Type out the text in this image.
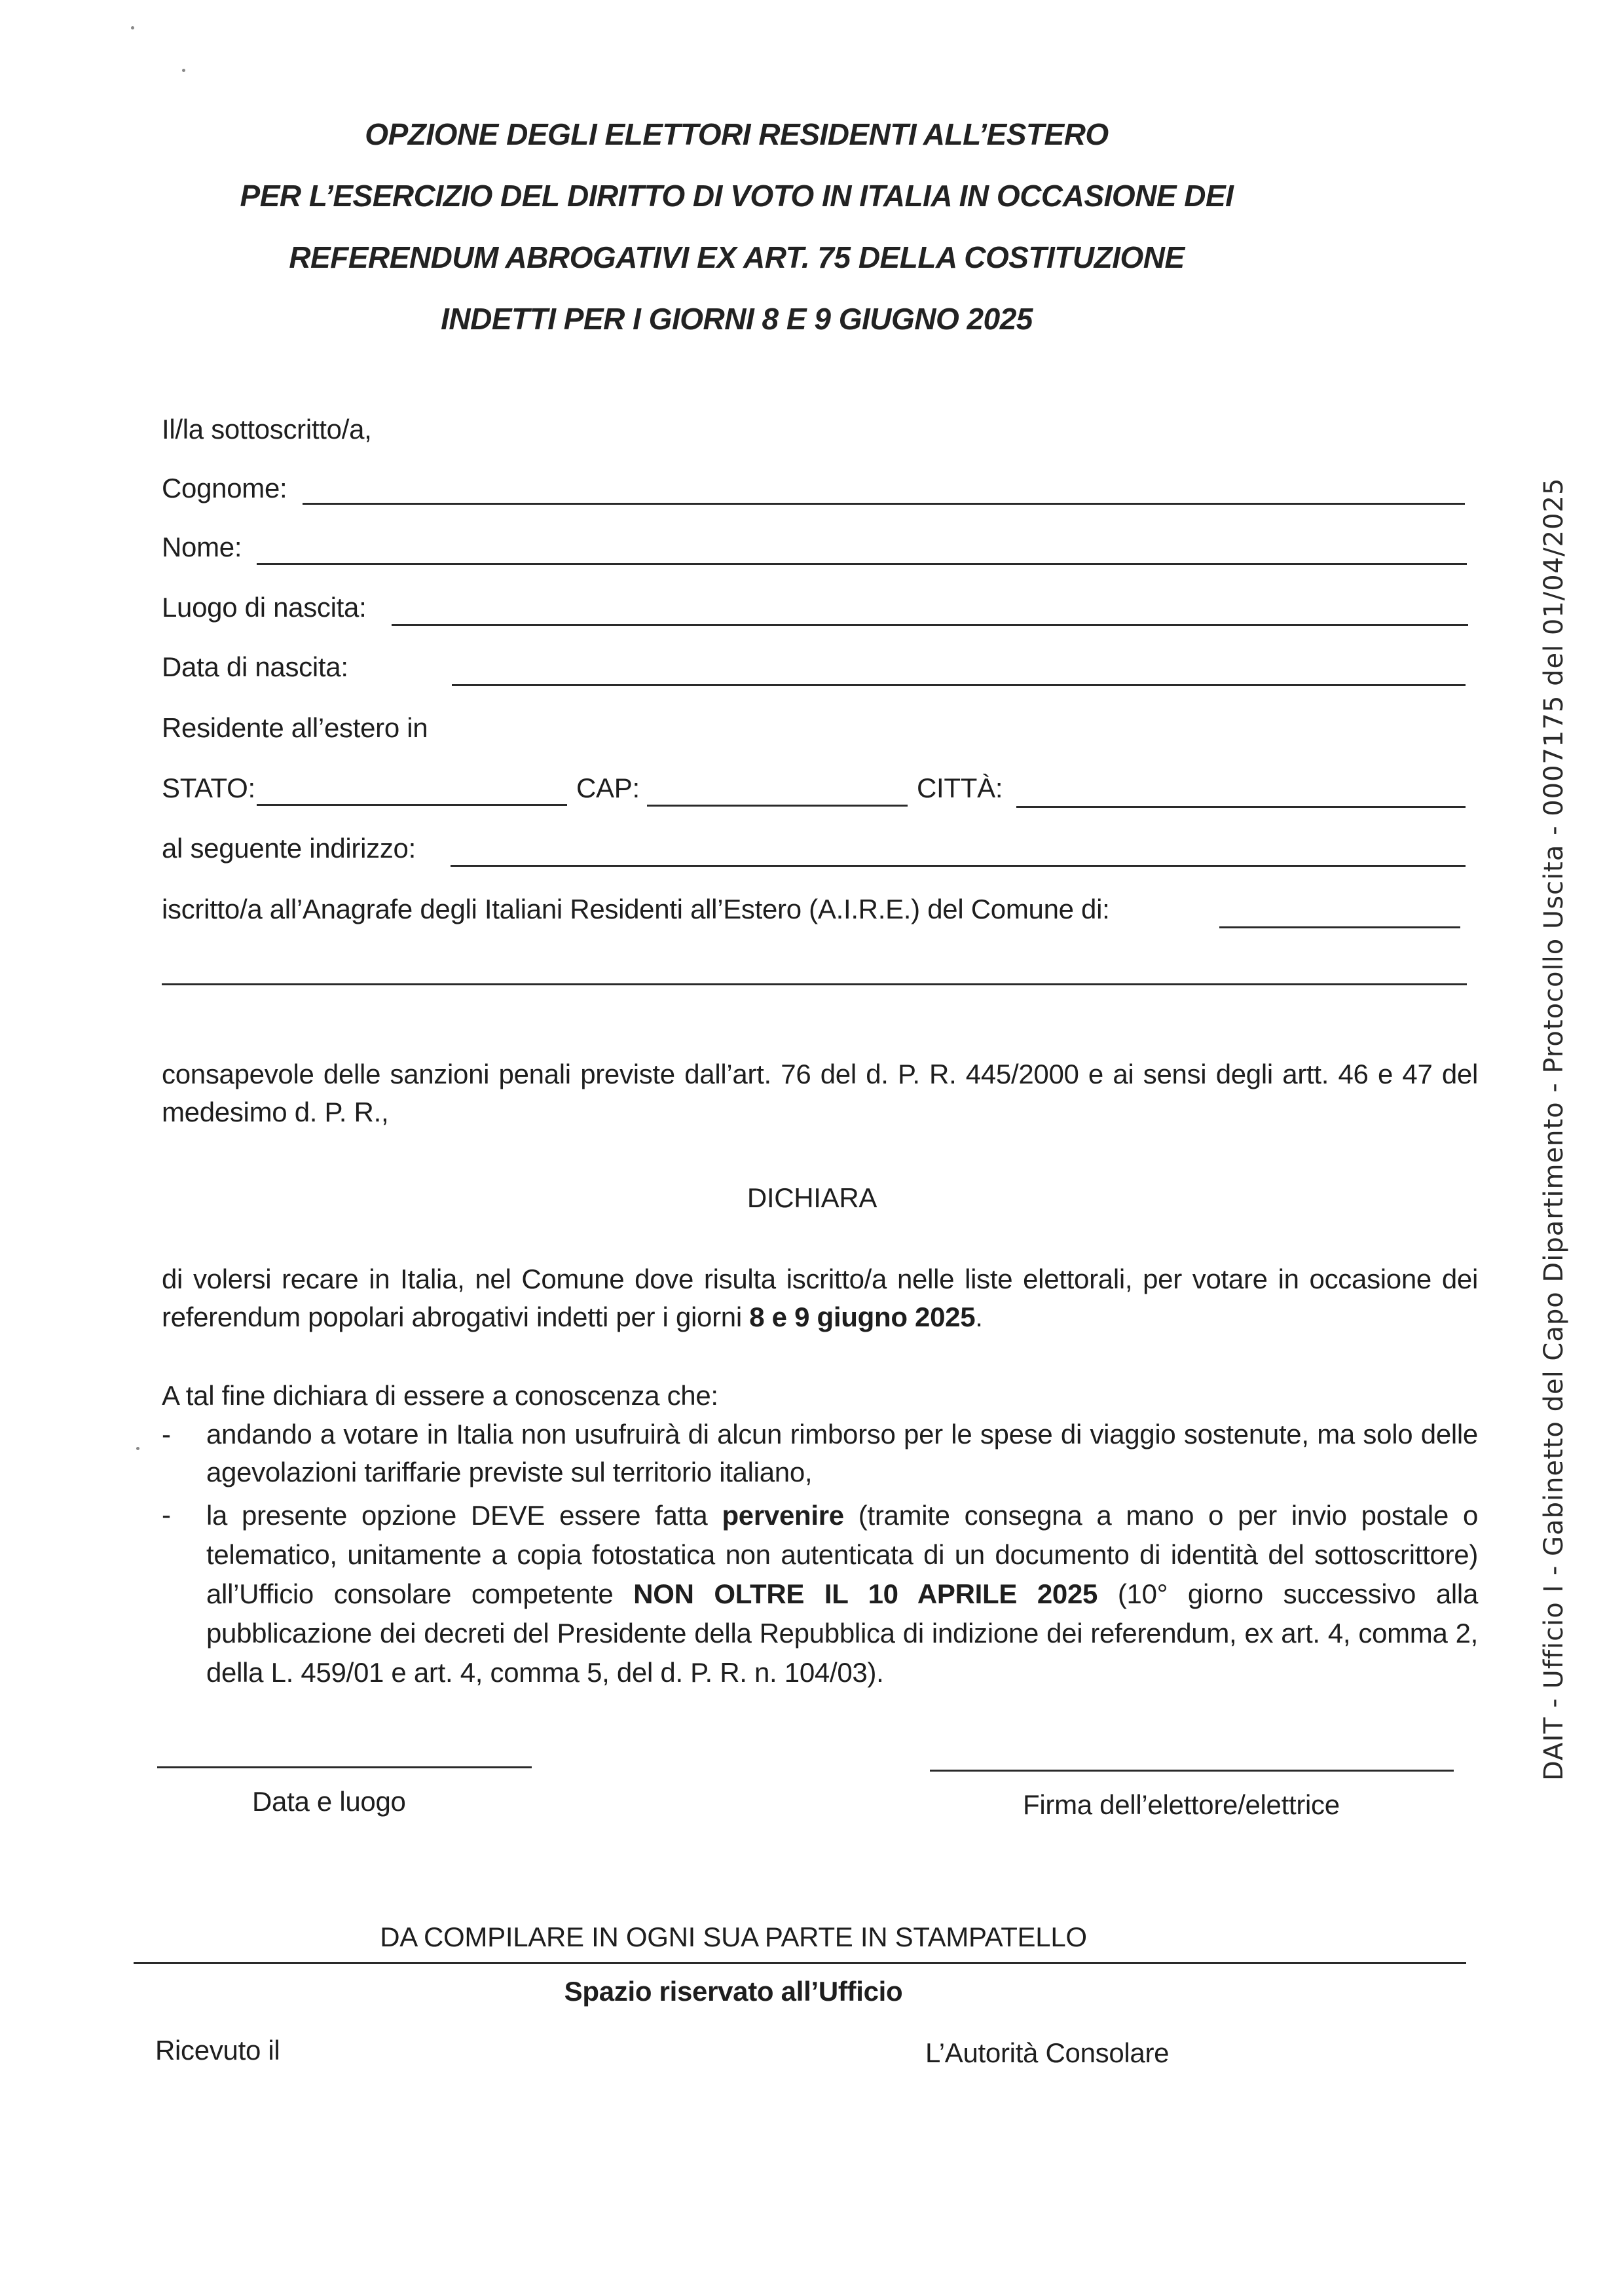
OPZIONE DEGLI ELETTORI RESIDENTI ALL’ESTERO
PER L’ESERCIZIO DEL DIRITTO DI VOTO IN ITALIA IN OCCASIONE DEI
REFERENDUM ABROGATIVI EX ART. 75 DELLA COSTITUZIONE
INDETTI PER I GIORNI 8 E 9 GIUGNO 2025
Il/la sottoscritto/a,
Cognome:
Nome:
Luogo di nascita:
Data di nascita:
Residente all’estero in
STATO:	CAP:	CITTÀ:
al seguente indirizzo:
iscritto/a all’Anagrafe degli Italiani Residenti all’Estero (A.I.R.E.) del Comune di:
consapevole delle sanzioni penali previste dall’art. 76 del d. P. R. 445/2000 e ai sensi degli artt. 46 e 47 del medesimo d. P. R.,
DICHIARA
di volersi recare in Italia, nel Comune dove risulta iscritto/a nelle liste elettorali, per votare in occasione dei referendum popolari abrogativi indetti per i giorni 8 e 9 giugno 2025.
A tal fine dichiara di essere a conoscenza che:
- andando a votare in Italia non usufruirà di alcun rimborso per le spese di viaggio sostenute, ma solo delle agevolazioni tariffarie previste sul territorio italiano,
- la presente opzione DEVE essere fatta pervenire (tramite consegna a mano o per invio postale o telematico, unitamente a copia fotostatica non autenticata di un documento di identità del sottoscrittore) all’Ufficio consolare competente NON OLTRE IL 10 APRILE 2025 (10° giorno successivo alla pubblicazione dei decreti del Presidente della Repubblica di indizione dei referendum, ex art. 4, comma 2, della L. 459/01 e art. 4, comma 5, del d. P. R. n. 104/03).
Data e luogo	Firma dell’elettore/elettrice
DA COMPILARE IN OGNI SUA PARTE IN STAMPATELLO
Spazio riservato all’Ufficio
Ricevuto il	L’Autorità Consolare
DAIT - Ufficio I - Gabinetto del Capo Dipartimento - Protocollo Uscita - 0007175 del 01/04/2025
